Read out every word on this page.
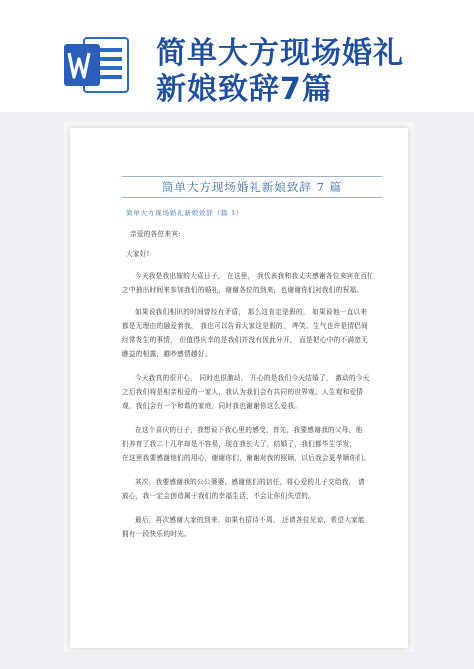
简单大方现场婚礼
新娘致辞7篇
简单大方现场婚礼新娘致辞 7 篇
简单大方现场婚礼新娘致辞（篇 1）
亲爱的各位来宾:
大家好!
今天我是我出嫁的大喜日子， 在这里， 我代表我和我丈夫感谢各位来宾在百忙
之中抽出时间来参加我们的婚礼，谢谢各位的到来，也谢谢你们对我们的祝福。
如果说我们相识的时间曾经有矛盾， 那么这肯定是假的， 如果说他一直以来
都是无理由的融爱着我， 我也可以告诉大家这是假的， 哗笑、生气也许是情侣间
经常发生的事情， 但值得庆幸的是我们并没有因此分开， 而是把心中的不满宽无
瞧益的相露，越吵感情越好。
今天我真的很开心， 同时也很激动， 开心的是我们今天结婚了， 激动的今天
之后我们将是相亲相爱的一家人，我认为我们会有共同的世界观、人生观和爱情
观，我们会有一个和谐的家庭，同时我也谢谢你这么爱我。
在这个喜庆的日子，我想说下我心里的感受，首先，我要感谢我的父母，他
们养育了我二十几年却是不容易，现在我长大了，结婚了，我们都毕生学发，
在这里我要感谢他们的用心，谢谢你们，谢谢对我的照顾，以后我会更孝顺你们。
其次，我要感谢我的公公婆婆，感谢他们的信任，将心爱的儿子交给我， 请
放心，我一定会创造属于我们的幸福生活，不会让你们失望的。
最后，再次感谢大家的到来，如果有招待不周， 还请各位见谅，希望大家能
拥有一段快乐的时光。
